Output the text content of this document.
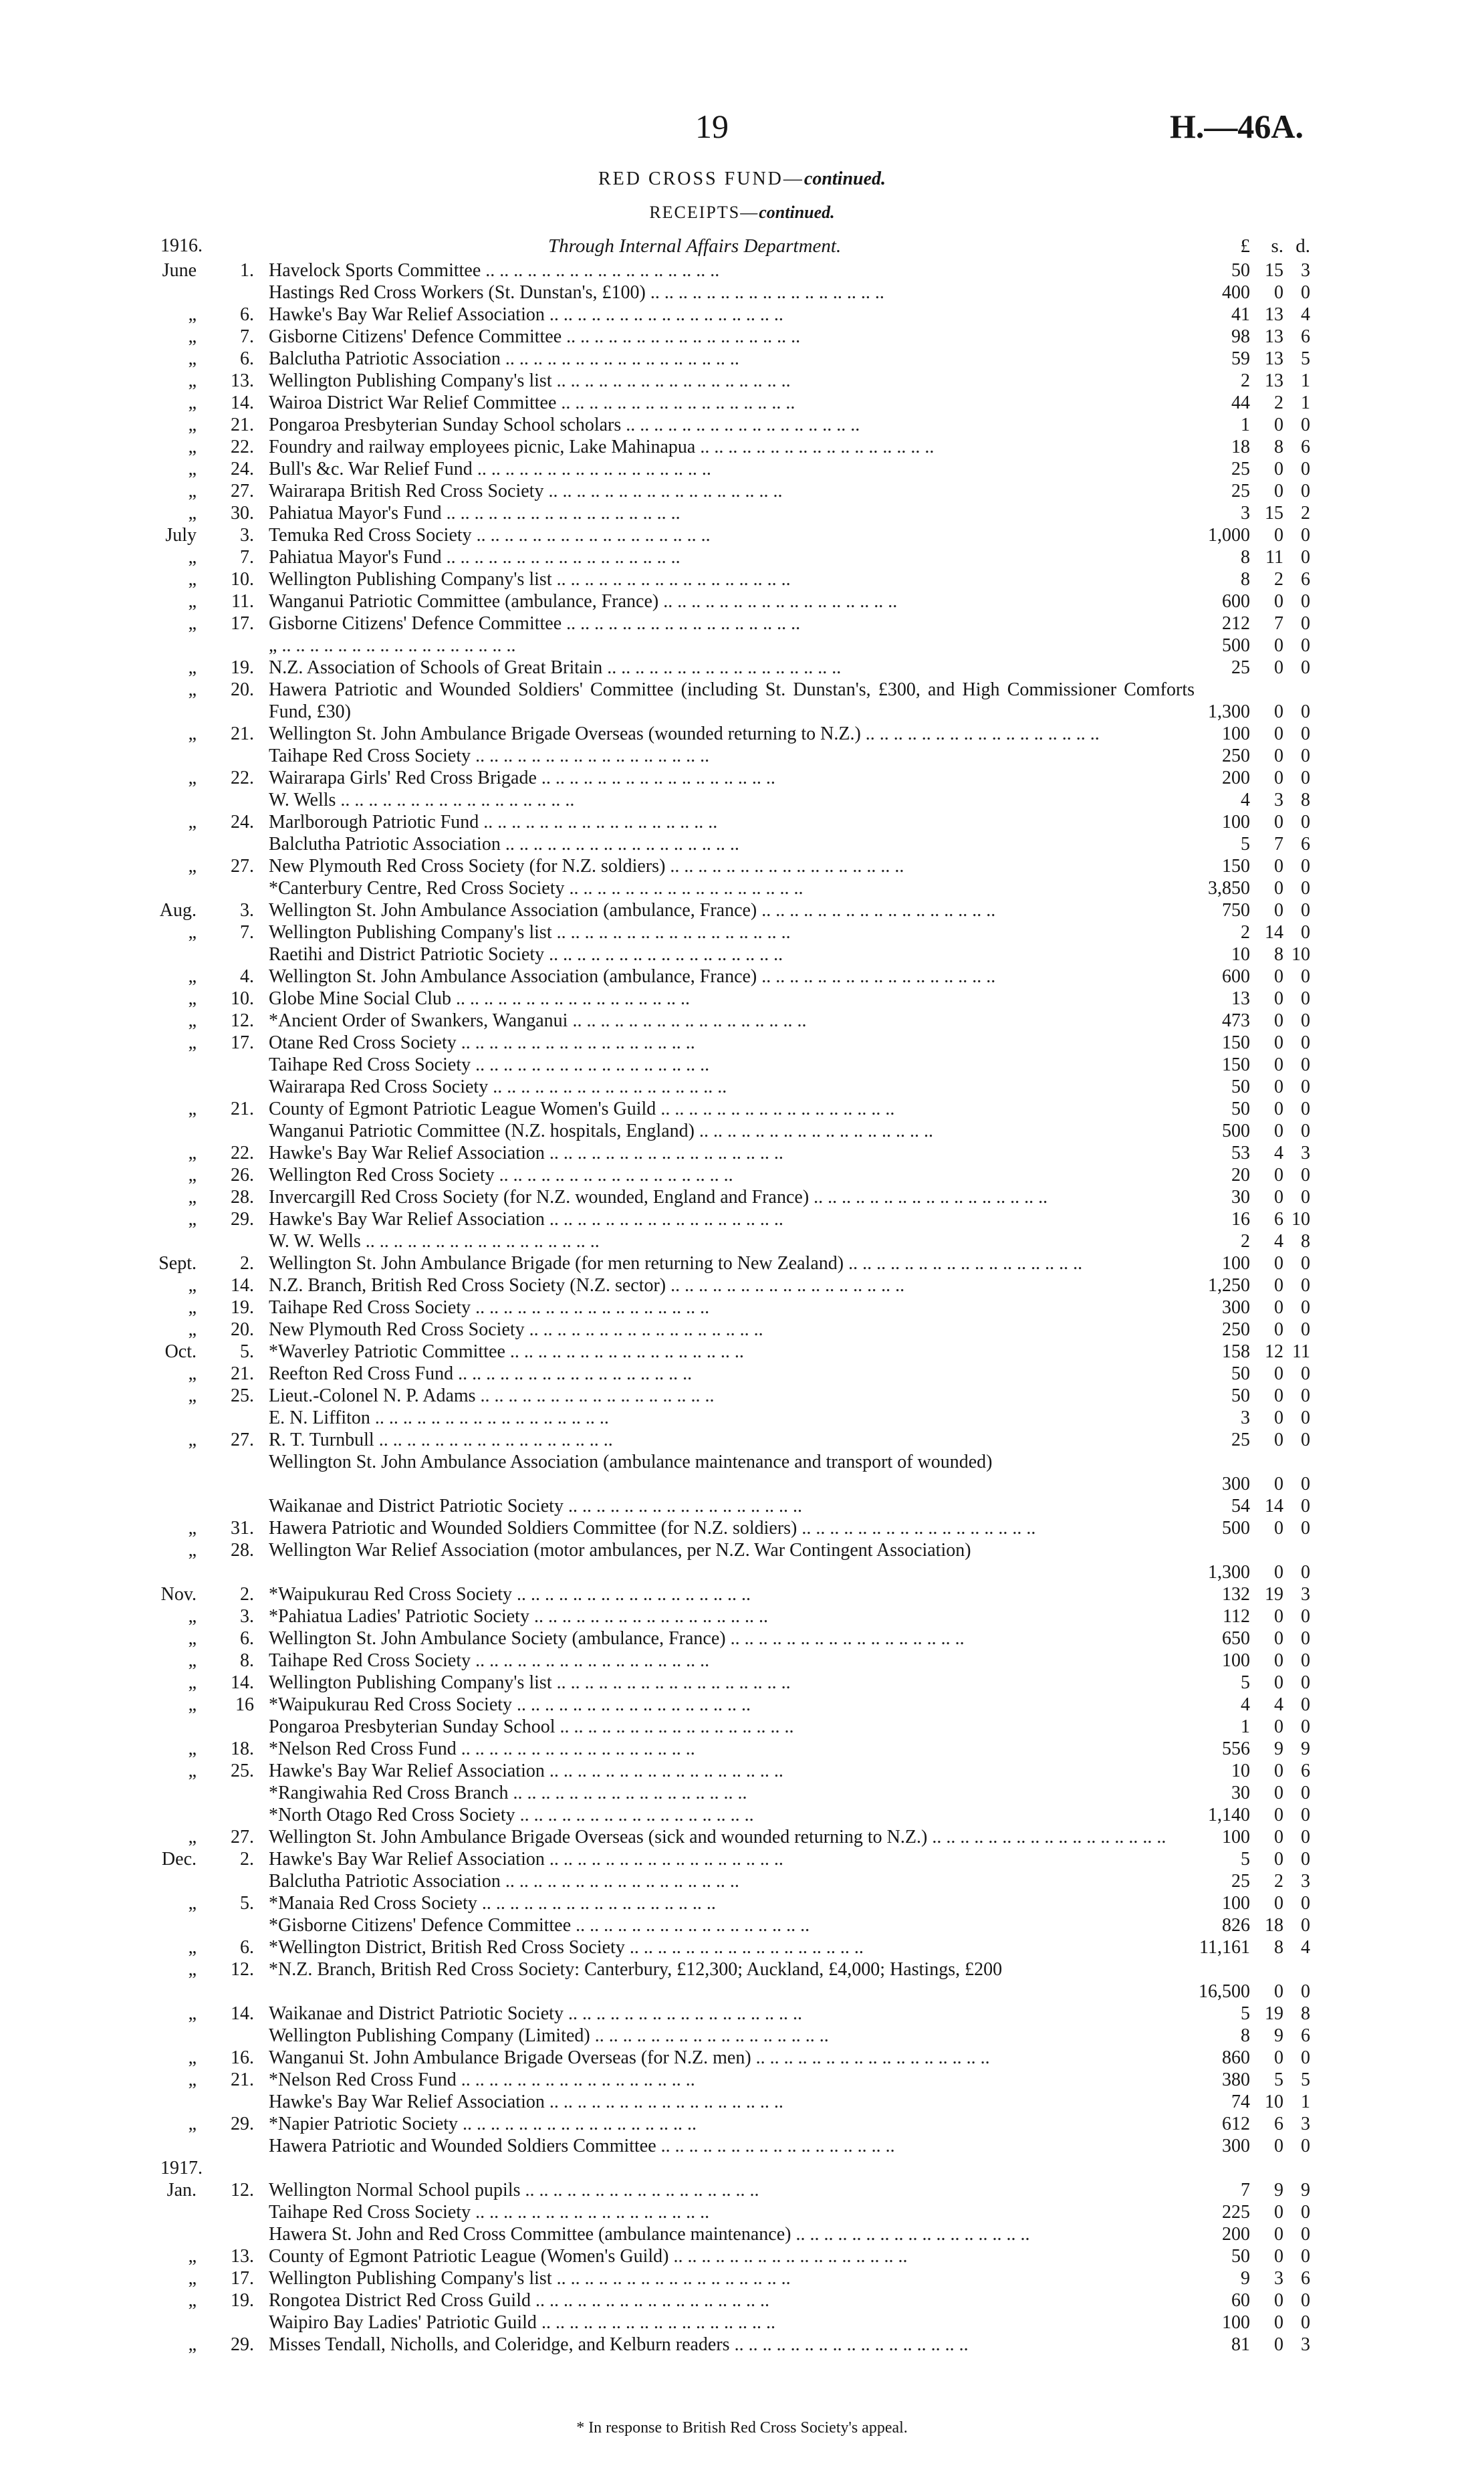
19	H.—46A.
RED CROSS FUND—continued.
RECEIPTS—continued.
1916.	Through Internal Affairs Department.	£	s. d.
June	1. Havelock Sports Committee .. .. .. .. .. .. .. .. .. .. .. .. .. .. .. .. ..	50 15 3
Hastings Red Cross Workers (St. Dunstan's, £100) .. .. .. .. .. .. .. .. .. .. .. .. .. .. .. .. ..	400	0 0
„	6. Hawke's Bay War Relief Association .. .. .. .. .. .. .. .. .. .. .. .. .. .. .. .. ..	41 13 4
„	7. Gisborne Citizens' Defence Committee .. .. .. .. .. .. .. .. .. .. .. .. .. .. .. .. ..	98 13 6
„	6. Balclutha Patriotic Association .. .. .. .. .. .. .. .. .. .. .. .. .. .. .. .. ..	59 13 5
„	13. Wellington Publishing Company's list .. .. .. .. .. .. .. .. .. .. .. .. .. .. .. .. ..	2 13 1
„	14. Wairoa District War Relief Committee .. .. .. .. .. .. .. .. .. .. .. .. .. .. .. .. ..	44	2 1
„	21. Pongaroa Presbyterian Sunday School scholars .. .. .. .. .. .. .. .. .. .. .. .. .. .. .. .. ..	1	0 0
„	22. Foundry and railway employees picnic, Lake Mahinapua .. .. .. .. .. .. .. .. .. .. .. .. .. .. .. .. ..	18	8 6
„	24. Bull's &c. War Relief Fund .. .. .. .. .. .. .. .. .. .. .. .. .. .. .. .. ..	25	0 0
„	27. Wairarapa British Red Cross Society .. .. .. .. .. .. .. .. .. .. .. .. .. .. .. .. ..	25	0 0
„	30. Pahiatua Mayor's Fund .. .. .. .. .. .. .. .. .. .. .. .. .. .. .. .. ..	3 15 2
July	3. Temuka Red Cross Society .. .. .. .. .. .. .. .. .. .. .. .. .. .. .. .. ..	1,000	0 0
„	7. Pahiatua Mayor's Fund .. .. .. .. .. .. .. .. .. .. .. .. .. .. .. .. ..	8 11 0
„	10. Wellington Publishing Company's list .. .. .. .. .. .. .. .. .. .. .. .. .. .. .. .. ..	8	2 6
„	11. Wanganui Patriotic Committee (ambulance, France) .. .. .. .. .. .. .. .. .. .. .. .. .. .. .. .. ..	600	0 0
„	17. Gisborne Citizens' Defence Committee .. .. .. .. .. .. .. .. .. .. .. .. .. .. .. .. ..	212	7 0
„ .. .. .. .. .. .. .. .. .. .. .. .. .. .. .. .. ..	500	0 0
„	19. N.Z. Association of Schools of Great Britain .. .. .. .. .. .. .. .. .. .. .. .. .. .. .. .. ..	25	0 0
„	20. Hawera Patriotic and Wounded Soldiers' Committee (including St. Dunstan's, £300, and High Commissioner Comforts Fund, £30)	1,300	0 0
„	21. Wellington St. John Ambulance Brigade Overseas (wounded returning to N.Z.) .. .. .. .. .. .. .. .. .. .. .. .. .. .. .. .. ..	100	0 0
Taihape Red Cross Society .. .. .. .. .. .. .. .. .. .. .. .. .. .. .. .. ..	250	0 0
„	22. Wairarapa Girls' Red Cross Brigade .. .. .. .. .. .. .. .. .. .. .. .. .. .. .. .. ..	200	0 0
W. Wells .. .. .. .. .. .. .. .. .. .. .. .. .. .. .. .. ..	4	3 8
„	24. Marlborough Patriotic Fund .. .. .. .. .. .. .. .. .. .. .. .. .. .. .. .. ..	100	0 0
Balclutha Patriotic Association .. .. .. .. .. .. .. .. .. .. .. .. .. .. .. .. ..	5	7 6
„	27. New Plymouth Red Cross Society (for N.Z. soldiers) .. .. .. .. .. .. .. .. .. .. .. .. .. .. .. .. ..	150	0 0
*Canterbury Centre, Red Cross Society .. .. .. .. .. .. .. .. .. .. .. .. .. .. .. .. ..	3,850	0 0
Aug.	3. Wellington St. John Ambulance Association (ambulance, France) .. .. .. .. .. .. .. .. .. .. .. .. .. .. .. .. ..	750	0 0
„	7. Wellington Publishing Company's list .. .. .. .. .. .. .. .. .. .. .. .. .. .. .. .. ..	2 14 0
Raetihi and District Patriotic Society .. .. .. .. .. .. .. .. .. .. .. .. .. .. .. .. ..	10	8 10
„	4. Wellington St. John Ambulance Association (ambulance, France) .. .. .. .. .. .. .. .. .. .. .. .. .. .. .. .. ..	600	0 0
„	10. Globe Mine Social Club .. .. .. .. .. .. .. .. .. .. .. .. .. .. .. .. ..	13	0 0
„	12. *Ancient Order of Swankers, Wanganui .. .. .. .. .. .. .. .. .. .. .. .. .. .. .. .. ..	473	0 0
„	17. Otane Red Cross Society .. .. .. .. .. .. .. .. .. .. .. .. .. .. .. .. ..	150	0 0
Taihape Red Cross Society .. .. .. .. .. .. .. .. .. .. .. .. .. .. .. .. ..	150	0 0
Wairarapa Red Cross Society .. .. .. .. .. .. .. .. .. .. .. .. .. .. .. .. ..	50	0 0
„	21. County of Egmont Patriotic League Women's Guild .. .. .. .. .. .. .. .. .. .. .. .. .. .. .. .. ..	50	0 0
Wanganui Patriotic Committee (N.Z. hospitals, England) .. .. .. .. .. .. .. .. .. .. .. .. .. .. .. .. ..	500	0 0
„	22. Hawke's Bay War Relief Association .. .. .. .. .. .. .. .. .. .. .. .. .. .. .. .. ..	53	4 3
„	26. Wellington Red Cross Society .. .. .. .. .. .. .. .. .. .. .. .. .. .. .. .. ..	20	0 0
„	28. Invercargill Red Cross Society (for N.Z. wounded, England and France) .. .. .. .. .. .. .. .. .. .. .. .. .. .. .. .. ..	30	0 0
„	29. Hawke's Bay War Relief Association .. .. .. .. .. .. .. .. .. .. .. .. .. .. .. .. ..	16	6 10
W. W. Wells .. .. .. .. .. .. .. .. .. .. .. .. .. .. .. .. ..	2	4 8
Sept.	2. Wellington St. John Ambulance Brigade (for men returning to New Zealand) .. .. .. .. .. .. .. .. .. .. .. .. .. .. .. .. ..	100	0 0
„	14. N.Z. Branch, British Red Cross Society (N.Z. sector) .. .. .. .. .. .. .. .. .. .. .. .. .. .. .. .. ..	1,250	0 0
„	19. Taihape Red Cross Society .. .. .. .. .. .. .. .. .. .. .. .. .. .. .. .. ..	300	0 0
„	20. New Plymouth Red Cross Society .. .. .. .. .. .. .. .. .. .. .. .. .. .. .. .. ..	250	0 0
Oct.	5. *Waverley Patriotic Committee .. .. .. .. .. .. .. .. .. .. .. .. .. .. .. .. ..	158 12 11
„	21. Reefton Red Cross Fund .. .. .. .. .. .. .. .. .. .. .. .. .. .. .. .. ..	50	0 0
„	25. Lieut.-Colonel N. P. Adams .. .. .. .. .. .. .. .. .. .. .. .. .. .. .. .. ..	50	0 0
E. N. Liffiton .. .. .. .. .. .. .. .. .. .. .. .. .. .. .. .. ..	3	0 0
„	27. R. T. Turnbull .. .. .. .. .. .. .. .. .. .. .. .. .. .. .. .. ..	25	0 0
Wellington St. John Ambulance Association (ambulance maintenance and transport of wounded)
300	0 0
Waikanae and District Patriotic Society .. .. .. .. .. .. .. .. .. .. .. .. .. .. .. .. ..	54 14 0
„	31. Hawera Patriotic and Wounded Soldiers Committee (for N.Z. soldiers) .. .. .. .. .. .. .. .. .. .. .. .. .. .. .. .. ..	500	0 0
„	28. Wellington War Relief Association (motor ambulances, per N.Z. War Contingent Association)
1,300	0 0
Nov.	2. *Waipukurau Red Cross Society .. .. .. .. .. .. .. .. .. .. .. .. .. .. .. .. ..	132 19 3
„	3. *Pahiatua Ladies' Patriotic Society .. .. .. .. .. .. .. .. .. .. .. .. .. .. .. .. ..	112	0 0
„	6. Wellington St. John Ambulance Society (ambulance, France) .. .. .. .. .. .. .. .. .. .. .. .. .. .. .. .. ..	650	0 0
„	8. Taihape Red Cross Society .. .. .. .. .. .. .. .. .. .. .. .. .. .. .. .. ..	100	0 0
„	14. Wellington Publishing Company's list .. .. .. .. .. .. .. .. .. .. .. .. .. .. .. .. ..	5	0 0
„	16 *Waipukurau Red Cross Society .. .. .. .. .. .. .. .. .. .. .. .. .. .. .. .. ..	4	4 0
Pongaroa Presbyterian Sunday School .. .. .. .. .. .. .. .. .. .. .. .. .. .. .. .. ..	1	0 0
„	18. *Nelson Red Cross Fund .. .. .. .. .. .. .. .. .. .. .. .. .. .. .. .. ..	556	9 9
„	25. Hawke's Bay War Relief Association .. .. .. .. .. .. .. .. .. .. .. .. .. .. .. .. ..	10	0 6
*Rangiwahia Red Cross Branch .. .. .. .. .. .. .. .. .. .. .. .. .. .. .. .. ..	30	0 0
*North Otago Red Cross Society .. .. .. .. .. .. .. .. .. .. .. .. .. .. .. .. ..	1,140	0 0
„	27. Wellington St. John Ambulance Brigade Overseas (sick and wounded returning to N.Z.) .. .. .. .. .. .. .. .. .. .. .. .. .. .. .. .. ..	100	0 0
Dec.	2. Hawke's Bay War Relief Association .. .. .. .. .. .. .. .. .. .. .. .. .. .. .. .. ..	5	0 0
Balclutha Patriotic Association .. .. .. .. .. .. .. .. .. .. .. .. .. .. .. .. ..	25	2 3
„	5. *Manaia Red Cross Society .. .. .. .. .. .. .. .. .. .. .. .. .. .. .. .. ..	100	0 0
*Gisborne Citizens' Defence Committee .. .. .. .. .. .. .. .. .. .. .. .. .. .. .. .. ..	826 18 0
„	6. *Wellington District, British Red Cross Society .. .. .. .. .. .. .. .. .. .. .. .. .. .. .. .. ..	11,161	8 4
„	12. *N.Z. Branch, British Red Cross Society: Canterbury, £12,300; Auckland, £4,000; Hastings, £200
16,500	0 0
„	14. Waikanae and District Patriotic Society .. .. .. .. .. .. .. .. .. .. .. .. .. .. .. .. ..	5 19 8
Wellington Publishing Company (Limited) .. .. .. .. .. .. .. .. .. .. .. .. .. .. .. .. ..	8	9 6
„	16. Wanganui St. John Ambulance Brigade Overseas (for N.Z. men) .. .. .. .. .. .. .. .. .. .. .. .. .. .. .. .. ..	860	0 0
„	21. *Nelson Red Cross Fund .. .. .. .. .. .. .. .. .. .. .. .. .. .. .. .. ..	380	5 5
Hawke's Bay War Relief Association .. .. .. .. .. .. .. .. .. .. .. .. .. .. .. .. ..	74 10 1
„	29. *Napier Patriotic Society .. .. .. .. .. .. .. .. .. .. .. .. .. .. .. .. ..	612	6 3
Hawera Patriotic and Wounded Soldiers Committee .. .. .. .. .. .. .. .. .. .. .. .. .. .. .. .. ..	300	0 0
1917.
Jan.	12. Wellington Normal School pupils .. .. .. .. .. .. .. .. .. .. .. .. .. .. .. .. ..	7	9 9
Taihape Red Cross Society .. .. .. .. .. .. .. .. .. .. .. .. .. .. .. .. ..	225	0 0
Hawera St. John and Red Cross Committee (ambulance maintenance) .. .. .. .. .. .. .. .. .. .. .. .. .. .. .. .. ..	200	0 0
„	13. County of Egmont Patriotic League (Women's Guild) .. .. .. .. .. .. .. .. .. .. .. .. .. .. .. .. ..	50	0 0
„	17. Wellington Publishing Company's list .. .. .. .. .. .. .. .. .. .. .. .. .. .. .. .. ..	9	3 6
„	19. Rongotea District Red Cross Guild .. .. .. .. .. .. .. .. .. .. .. .. .. .. .. .. ..	60	0 0
Waipiro Bay Ladies' Patriotic Guild .. .. .. .. .. .. .. .. .. .. .. .. .. .. .. .. ..	100	0 0
„	29. Misses Tendall, Nicholls, and Coleridge, and Kelburn readers .. .. .. .. .. .. .. .. .. .. .. .. .. .. .. .. ..	81	0 3
* In response to British Red Cross Society's appeal.
